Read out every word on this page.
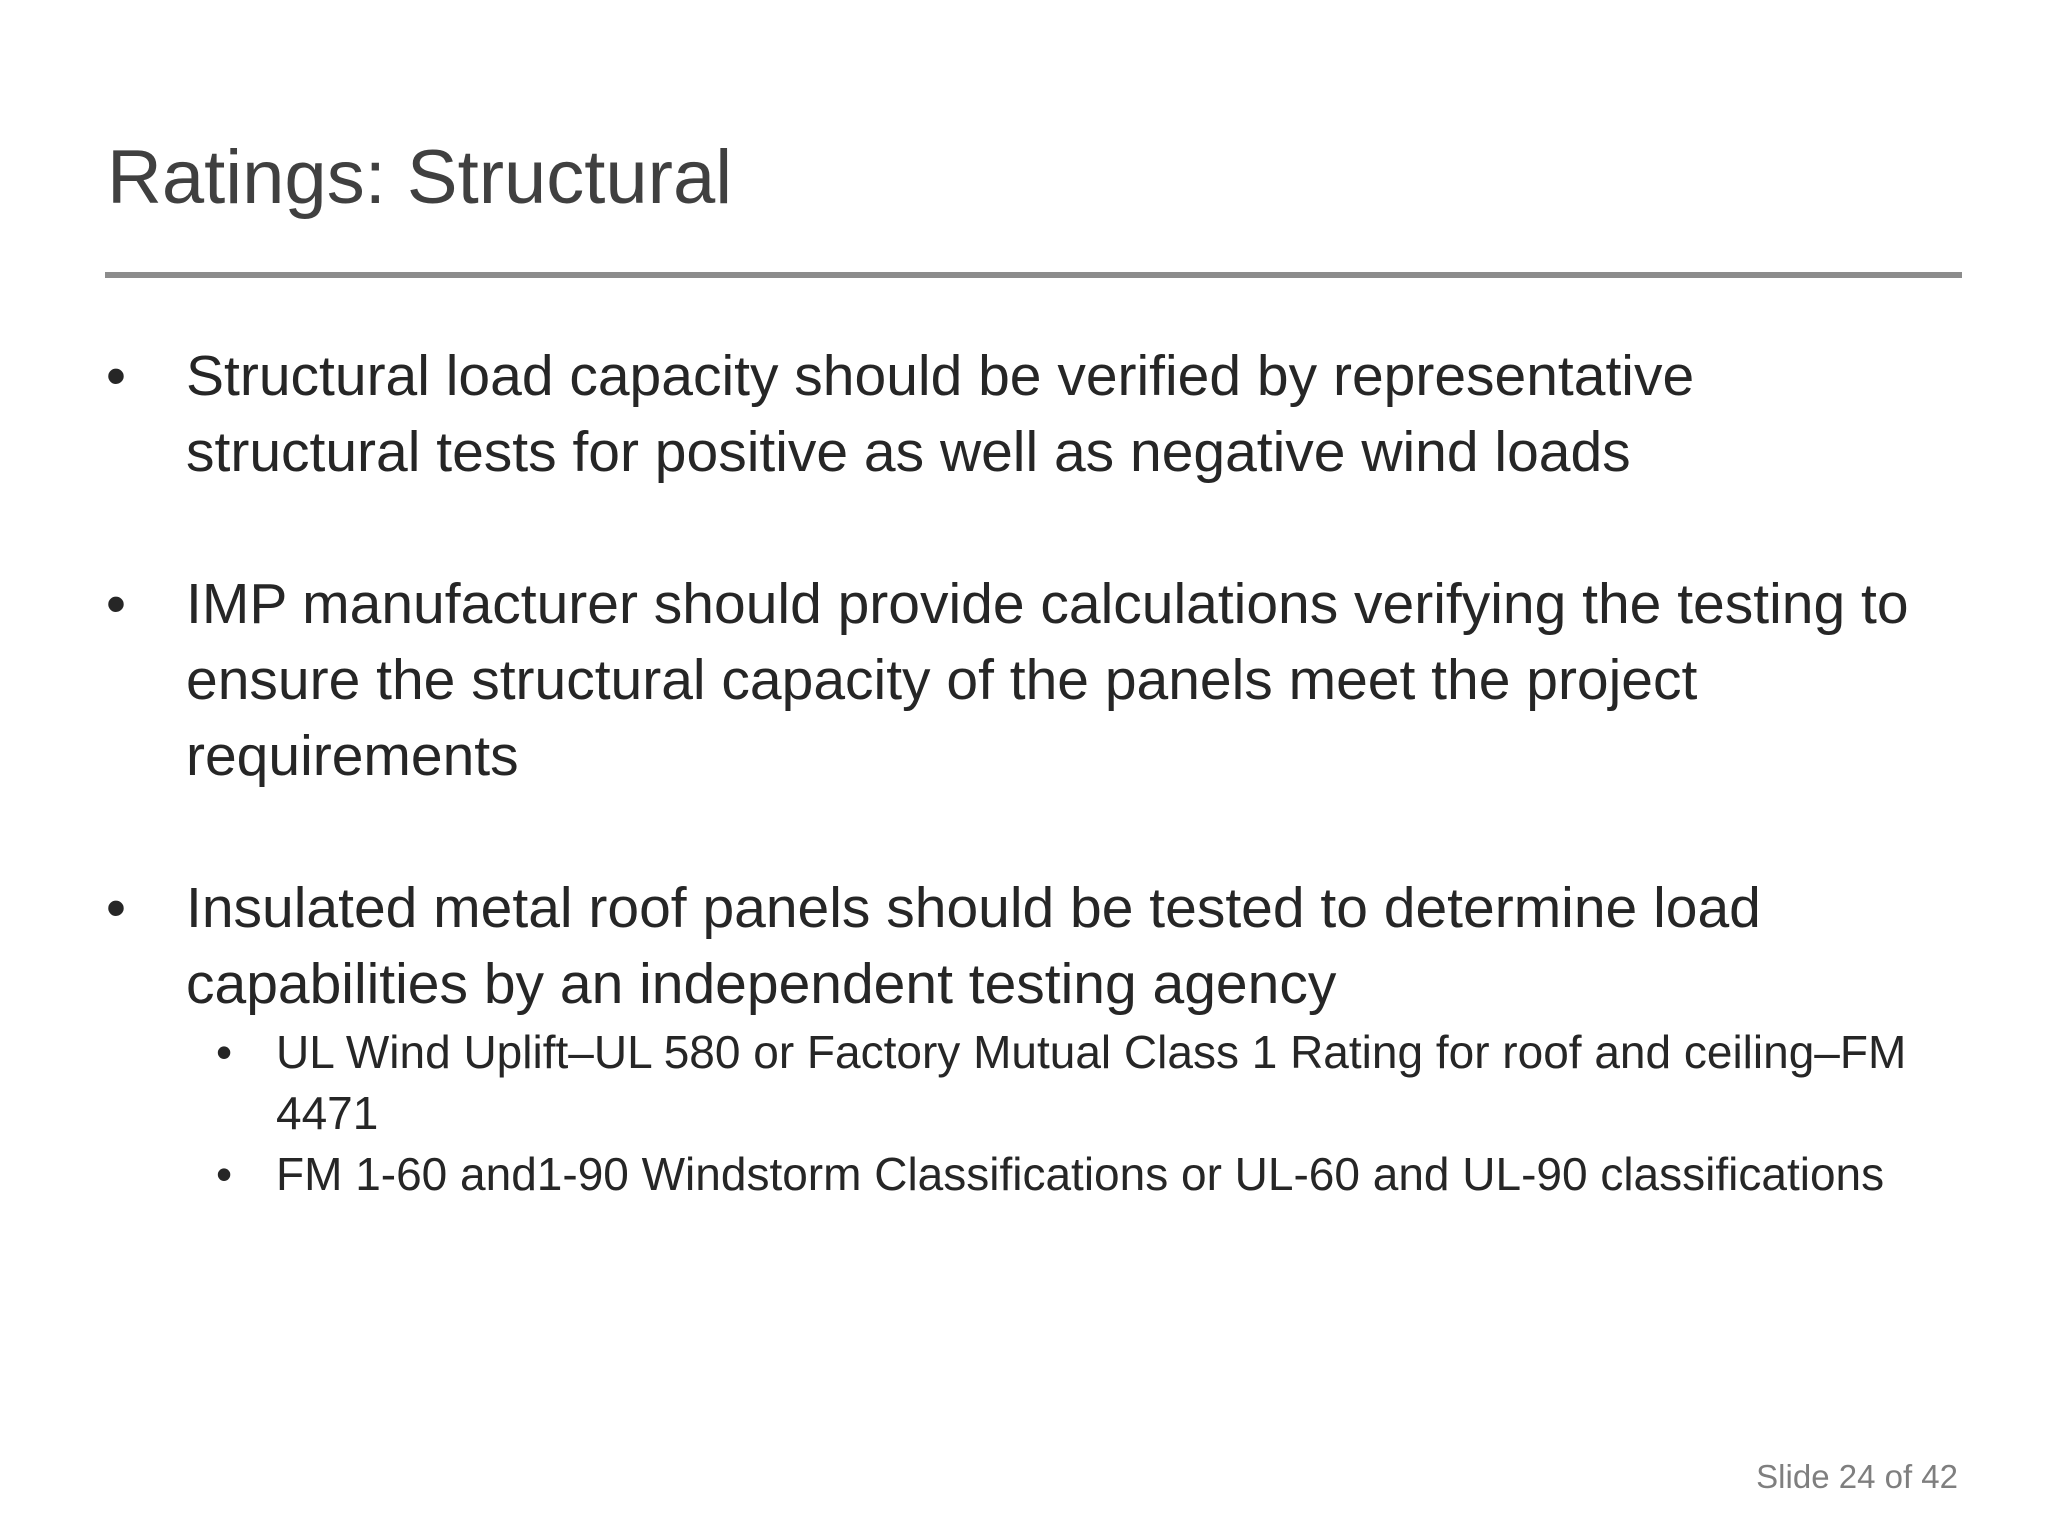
Ratings: Structural
• Structural load capacity should be verified by representative structural tests for positive as well as negative wind loads
• IMP manufacturer should provide calculations verifying the testing to ensure the structural capacity of the panels meet the project requirements
• Insulated metal roof panels should be tested to determine load capabilities by an independent testing agency
• UL Wind Uplift–UL 580 or Factory Mutual Class 1 Rating for roof and ceiling–FM 4471
• FM 1-60 and1-90 Windstorm Classifications or UL-60 and UL-90 classifications
Slide 24 of 42
